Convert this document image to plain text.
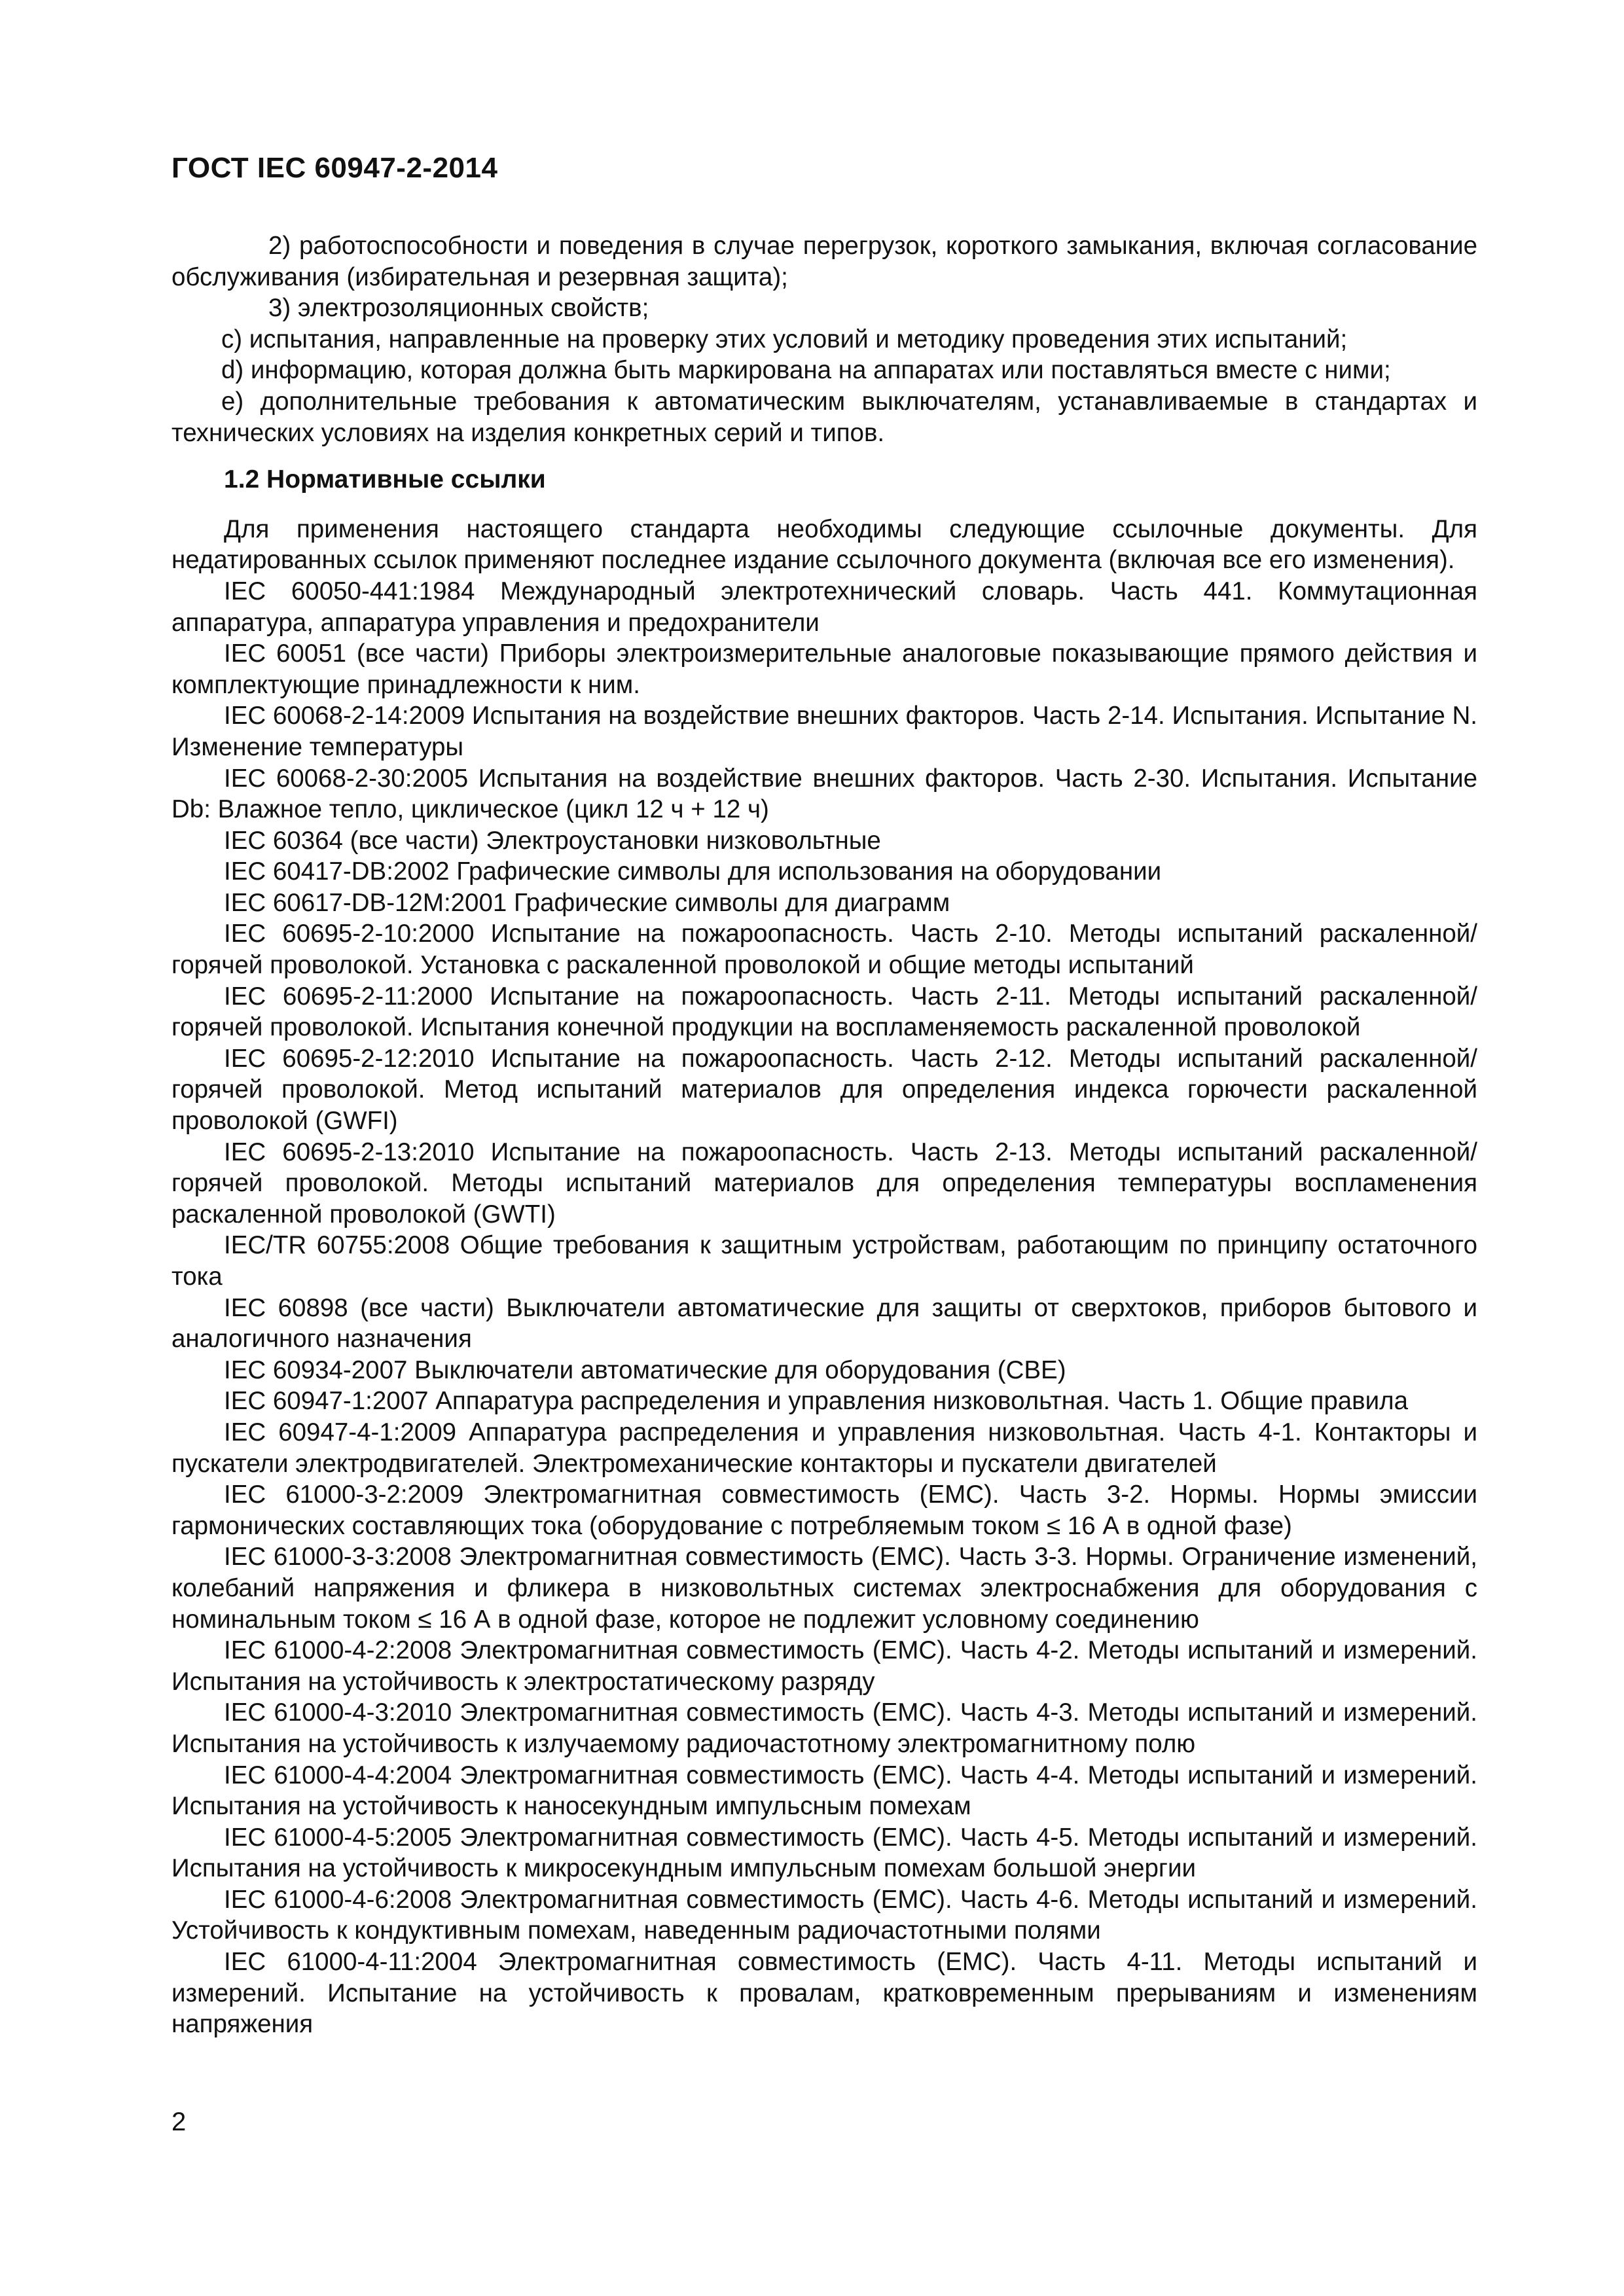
ГОСТ IEC 60947-2-2014

2) работоспособности и поведения в случае перегрузок, короткого замыкания, включая согласование обслуживания (избирательная и резервная защита);

3) электрозоляционных свойств;

c) испытания, направленные на проверку этих условий и методику проведения этих испытаний;

d) информацию, которая должна быть маркирована на аппаратах или поставляться вместе с ними;

e) дополнительные требования к автоматическим выключателям, устанавливаемые в стандартах и технических условиях на изделия конкретных серий и типов.

1.2 Нормативные ссылки

Для применения настоящего стандарта необходимы следующие ссылочные документы. Для недатированных ссылок применяют последнее издание ссылочного документа (включая все его изменения).

IEC 60050-441:1984 Международный электротехнический словарь. Часть 441. Коммутационная аппаратура, аппаратура управления и предохранители

IEC 60051 (все части) Приборы электроизмерительные аналоговые показывающие прямого действия и комплектующие принадлежности к ним.

IEC 60068-2-14:2009 Испытания на воздействие внешних факторов. Часть 2-14. Испытания. Испытание N. Изменение температуры

IEC 60068-2-30:2005 Испытания на воздействие внешних факторов. Часть 2-30. Испытания. Испытание Db: Влажное тепло, циклическое (цикл 12 ч + 12 ч)

IEC 60364 (все части) Электроустановки низковольтные

IEC 60417-DB:2002 Графические символы для использования на оборудовании

IEC 60617-DB-12M:2001 Графические символы для диаграмм

IEC 60695-2-10:2000 Испытание на пожароопасность. Часть 2-10. Методы испытаний раскаленной/горячей проволокой. Установка с раскаленной проволокой и общие методы испытаний

IEC 60695-2-11:2000 Испытание на пожароопасность. Часть 2-11. Методы испытаний раскаленной/горячей проволокой. Испытания конечной продукции на воспламеняемость раскаленной проволокой

IEC 60695-2-12:2010 Испытание на пожароопасность. Часть 2-12. Методы испытаний раскаленной/горячей проволокой. Метод испытаний материалов для определения индекса горючести раскаленной проволокой (GWFI)

IEC 60695-2-13:2010 Испытание на пожароопасность. Часть 2-13. Методы испытаний раскаленной/горячей проволокой. Методы испытаний материалов для определения температуры воспламенения раскаленной проволокой (GWTI)

IEC/TR 60755:2008 Общие требования к защитным устройствам, работающим по принципу остаточного тока

IEC 60898 (все части) Выключатели автоматические для защиты от сверхтоков, приборов бытового и аналогичного назначения

IEC 60934-2007 Выключатели автоматические для оборудования (СВЕ)

IEC 60947-1:2007 Аппаратура распределения и управления низковольтная. Часть 1. Общие правила

IEC 60947-4-1:2009 Аппаратура распределения и управления низковольтная. Часть 4-1. Контакторы и пускатели электродвигателей. Электромеханические контакторы и пускатели двигателей

IEC 61000-3-2:2009 Электромагнитная совместимость (ЕМС). Часть 3-2. Нормы. Нормы эмиссии гармонических составляющих тока (оборудование с потребляемым током ≤ 16 А в одной фазе)

IEC 61000-3-3:2008 Электромагнитная совместимость (ЕМС). Часть 3-3. Нормы. Ограничение изменений, колебаний напряжения и фликера в низковольтных системах электроснабжения для оборудования с номинальным током ≤ 16 А в одной фазе, которое не подлежит условному соединению

IEC 61000-4-2:2008 Электромагнитная совместимость (ЕМС). Часть 4-2. Методы испытаний и измерений. Испытания на устойчивость к электростатическому разряду

IEC 61000-4-3:2010 Электромагнитная совместимость (ЕМС). Часть 4-3. Методы испытаний и измерений. Испытания на устойчивость к излучаемому радиочастотному электромагнитному полю

IEC 61000-4-4:2004 Электромагнитная совместимость (ЕМС). Часть 4-4. Методы испытаний и измерений. Испытания на устойчивость к наносекундным импульсным помехам

IEC 61000-4-5:2005 Электромагнитная совместимость (ЕМС). Часть 4-5. Методы испытаний и измерений. Испытания на устойчивость к микросекундным импульсным помехам большой энергии

IEC 61000-4-6:2008 Электромагнитная совместимость (ЕМС). Часть 4-6. Методы испытаний и измерений. Устойчивость к кондуктивным помехам, наведенным радиочастотными полями

IEC 61000-4-11:2004 Электромагнитная совместимость (ЕМС). Часть 4-11. Методы испытаний и измерений. Испытание на устойчивость к провалам, кратковременным прерываниям и изменениям напряжения

2
